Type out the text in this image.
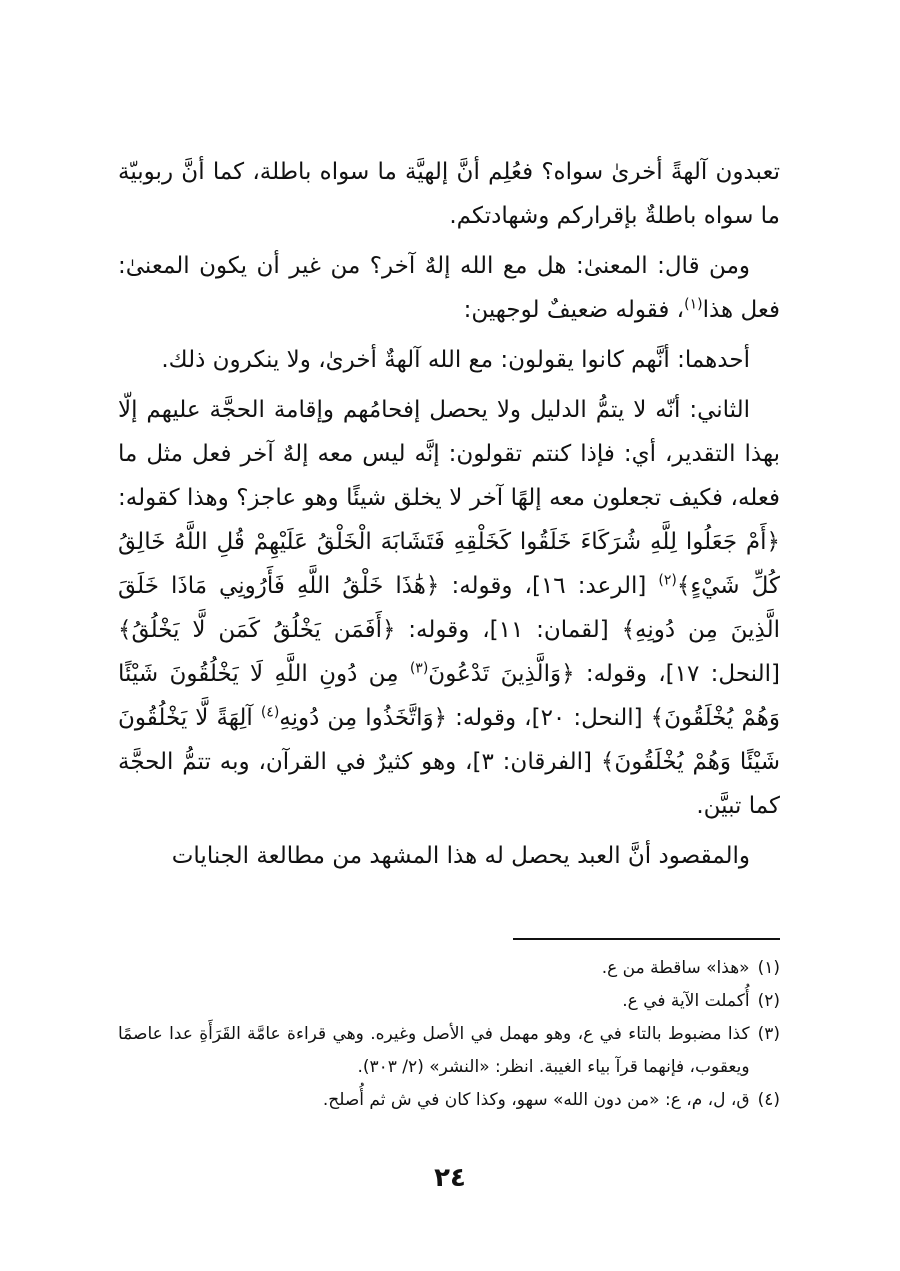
تعبدون آلهةً أخرىٰ سواه؟ فعُلِم أنَّ إلهيَّة ما سواه باطلة، كما أنَّ ربوبيّة ما سواه باطلةٌ بإقراركم وشهادتكم.

ومن قال: المعنىٰ: هل مع الله إلهٌ آخر؟ من غير أن يكون المعنىٰ: فعل هذا$^{(١)}$، فقوله ضعيفٌ لوجهين:

أحدهما: أنَّهم كانوا يقولون: مع الله آلهةٌ أخرىٰ، ولا ينكرون ذلك.

الثاني: أنّه لا يتمُّ الدليل ولا يحصل إفحامُهم وإقامة الحجَّة عليهم إلّا بهذا التقدير، أي: فإذا كنتم تقولون: إنَّه ليس معه إلهٌ آخر فعل مثل ما فعله، فكيف تجعلون معه إلهًا آخر لا يخلق شيئًا وهو عاجز؟ وهذا كقوله: ﴿أَمْ جَعَلُوا لِلَّهِ شُرَكَاءَ خَلَقُوا كَخَلْقِهِ فَتَشَابَهَ الْخَلْقُ عَلَيْهِمْ قُلِ اللَّهُ خَالِقُ كُلِّ شَيْءٍ﴾$^{(٢)}$ [الرعد: ١٦]، وقوله: ﴿هَٰذَا خَلْقُ اللَّهِ فَأَرُونِي مَاذَا خَلَقَ الَّذِينَ مِن دُونِهِ﴾ [لقمان: ١١]، وقوله: ﴿أَفَمَن يَخْلُقُ كَمَن لَّا يَخْلُقُ﴾ [النحل: ١٧]، وقوله: ﴿وَالَّذِينَ تَدْعُونَ$^{(٣)}$ مِن دُونِ اللَّهِ لَا يَخْلُقُونَ شَيْئًا وَهُمْ يُخْلَقُونَ﴾ [النحل: ٢٠]، وقوله: ﴿وَاتَّخَذُوا مِن دُونِهِ$^{(٤)}$ آلِهَةً لَّا يَخْلُقُونَ شَيْئًا وَهُمْ يُخْلَقُونَ﴾ [الفرقان: ٣]، وهو كثيرٌ في القرآن، وبه تتمُّ الحجَّة كما تبيَّن.

والمقصود أنَّ العبد يحصل له هذا المشهد من مطالعة الجنايات

(١)
«هذا» ساقطة من ع.
(٢)
أُكملت الآية في ع.
(٣)
كذا مضبوط بالتاء في ع، وهو مهمل في الأصل وغيره. وهي قراءة عامَّة القَرَأَةِ عدا عاصمًا ويعقوب، فإنهما قرآ بياء الغيبة. انظر: «النشر» (٢/ ٣٠٣).
(٤)
ق، ل، م، ع: «من دون الله» سهو، وكذا كان في ش ثم أُصلح.
٢٤
